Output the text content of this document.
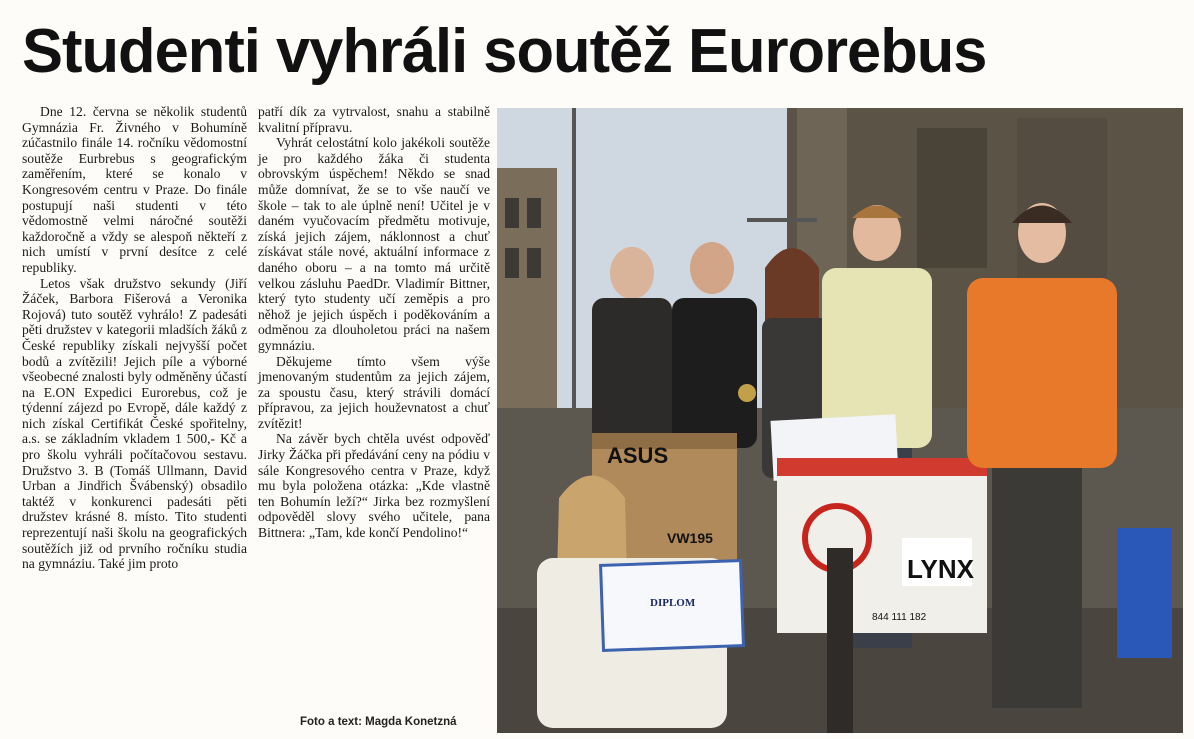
Studenti vyhráli soutěž Eurorebus

Dne 12. června se několik studentů Gymnázia Fr. Živného v Bohumíně zúčastnilo finále 14. ročníku vědomostní soutěže Eurbrebus s geografickým zaměřením, které se konalo v Kongresovém centru v Praze. Do finále postupují naši studenti v této vědomostně velmi náročné soutěži každoročně a vždy se alespoň někteří z nich umístí v první desítce z celé republiky.

Letos však družstvo sekundy (Jiří Žáček, Barbora Fišerová a Veronika Rojová) tuto soutěž vyhrálo! Z padesáti pěti družstev v kategorii mladších žáků z České republiky získali nejvyšší počet bodů a zvítězili! Jejich píle a výborné všeobecné znalosti byly odměněny účastí na E.ON Expedici Eurorebus, což je týdenní zájezd po Evropě, dále každý z nich získal Certifikát České spořitelny, a.s. se základním vkladem 1 500,- Kč a pro školu vyhráli počítačovou sestavu. Družstvo 3. B (Tomáš Ullmann, David Urban a Jindřich Švábenský) obsadilo taktéž v konkurenci padesáti pěti družstev krásné 8. místo. Tito studenti reprezentují naši školu na geografických soutěžích již od prvního ročníku studia na gymnáziu. Také jim proto

patří dík za vytrvalost, snahu a stabilně kvalitní přípravu.

Vyhrát celostátní kolo jakékoli soutěže je pro každého žáka či studenta obrovským úspěchem! Někdo se snad může domnívat, že se to vše naučí ve škole – tak to ale úplně není! Učitel je v daném vyučovacím předmětu motivuje, získá jejich zájem, náklonnost a chuť získávat stále nové, aktuální informace z daného oboru – a na tomto má určitě velkou zásluhu PaedDr. Vladimír Bittner, který tyto studenty učí zeměpis a pro něhož je jejich úspěch i poděkováním a odměnou za dlouholetou práci na našem gymnáziu.

Děkujeme tímto všem výše jmenovaným studentům za jejich zájem, za spoustu času, který strávili domácí přípravou, za jejich houževnatost a chuť zvítězit!

Na závěr bych chtěla uvést odpověď Jirky Žáčka při předávání ceny na pódiu v sále Kongresového centra v Praze, když mu byla položena otázka: „Kde vlastně ten Bohumín leží?“ Jirka bez rozmyšlení odpověděl slovy svého učitele, pana Bittnera: „Tam, kde končí Pendolino!“

ASUS
VW195
LYNX
844 111 182
DIPLOM
Foto a text: Magda Konetzná
